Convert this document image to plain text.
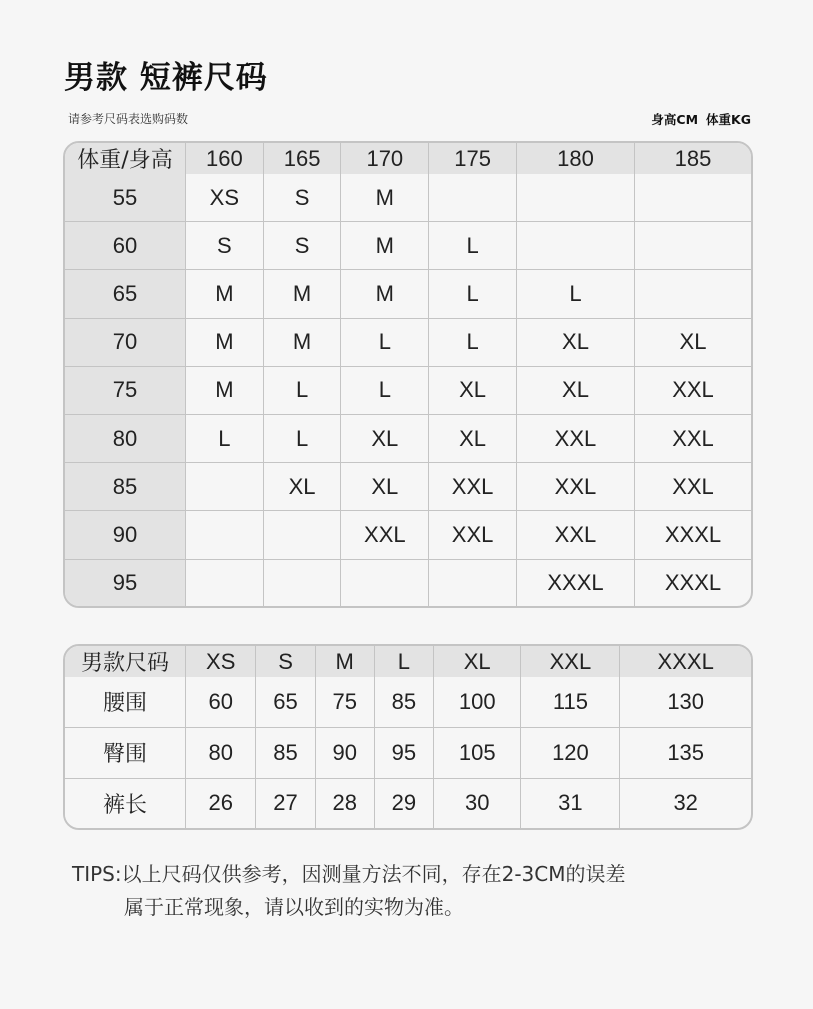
男款 短裤尺码
请参考尺码表选购码数	身高CM 体重KG
体重/身高	160	165	170	175	180	185
55	XS	S	M			
60	S	S	M	L		
65	M	M	M	L	L	
70	M	M	L	L	XL	XL
75	M	L	L	XL	XL	XXL
80	L	L	XL	XL	XXL	XXL
85		XL	XL	XXL	XXL	XXL
90			XXL	XXL	XXL	XXXL
95					XXXL	XXXL
男款尺码	XS	S	M	L	XL	XXL	XXXL
腰围	60	65	75	85	100	115	130
臀围	80	85	90	95	105	120	135
裤长	26	27	28	29	30	31	32
TIPS:以上尺码仅供参考，因测量方法不同，存在2-3CM的误差
属于正常现象，请以收到的实物为准。
